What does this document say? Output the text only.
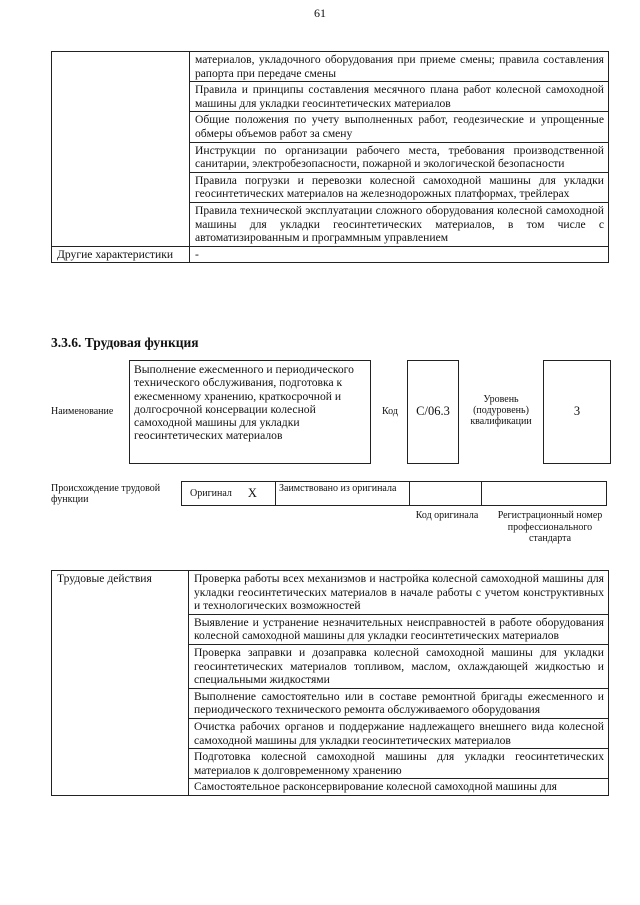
61
	материалов, укладочного оборудования при приеме смены; правила составления рапорта при передаче смены
	Правила и принципы составления месячного плана работ колесной самоходной машины для укладки геосинтетических материалов
	Общие положения по учету выполненных работ, геодезические и упрощенные обмеры объемов работ за смену
	Инструкции по организации рабочего места, требования производственной санитарии, электробезопасности, пожарной и экологической безопасности
	Правила погрузки и перевозки колесной самоходной машины для укладки геосинтетических материалов на железнодорожных платформах, трейлерах
	Правила технической эксплуатации сложного оборудования колесной самоходной машины для укладки геосинтетических материалов, в том числе с автоматизированным и программным управлением
Другие характеристики	-
3.3.6. Трудовая функция
Наименование
Выполнение ежесменного и периодического технического обслуживания, подготовка к ежесменному хранению, краткосрочной и долгосрочной консервации колесной самоходной машины для укладки геосинтетических материалов
Код	C/06.3
Уровень (подуровень) квалификации
3
Происхождение трудовой функции
Оригинал X	Заимствовано из оригинала
Код оригинала	Регистрационный номер профессионального стандарта
Трудовые действия	Проверка работы всех механизмов и настройка колесной самоходной машины для укладки геосинтетических материалов в начале работы с учетом конструктивных и технологических возможностей
Выявление и устранение незначительных неисправностей в работе оборудования колесной самоходной машины для укладки геосинтетических материалов
Проверка заправки и дозаправка колесной самоходной машины для укладки геосинтетических материалов топливом, маслом, охлаждающей жидкостью и специальными жидкостями
Выполнение самостоятельно или в составе ремонтной бригады ежесменного и периодического технического ремонта обслуживаемого оборудования
Очистка рабочих органов и поддержание надлежащего внешнего вида колесной самоходной машины для укладки геосинтетических материалов
Подготовка колесной самоходной машины для укладки геосинтетических материалов к долговременному хранению
Самостоятельное расконсервирование колесной самоходной машины для
